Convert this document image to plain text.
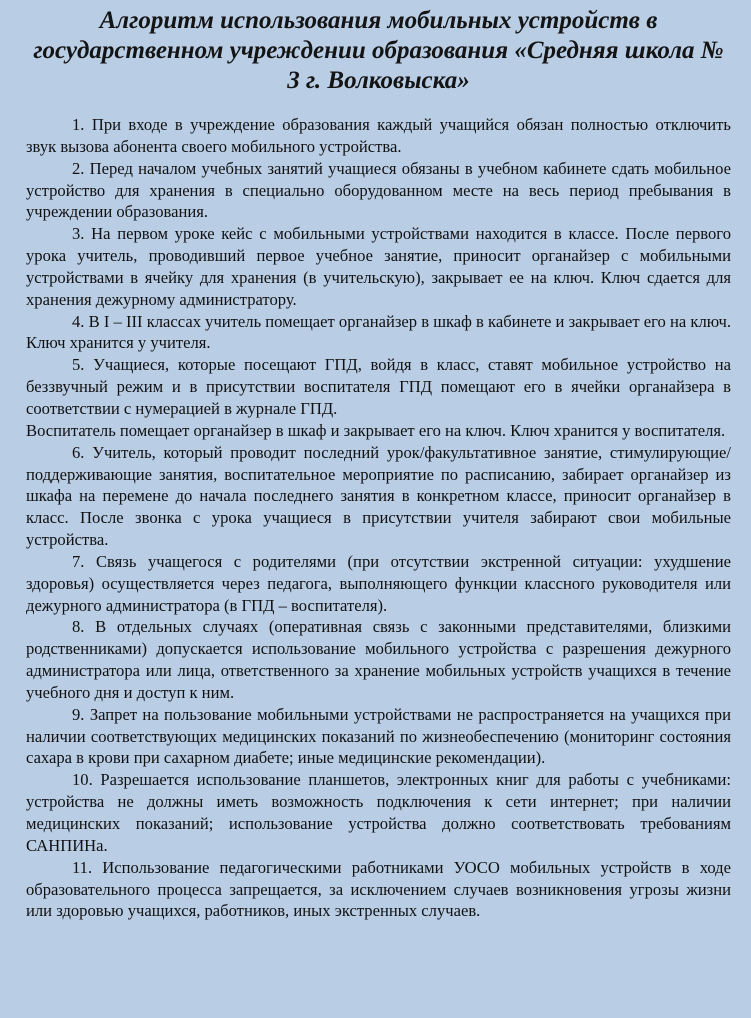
Алгоритм использования мобильных устройств в государственном учреждении образования «Средняя школа № 3 г. Волковыска»

1. При входе в учреждение образования каждый учащийся обязан полностью отключить звук вызова абонента своего мобильного устройства.

2. Перед началом учебных занятий учащиеся обязаны в учебном кабинете сдать мобильное устройство для хранения в специально оборудованном месте на весь период пребывания в учреждении образования.

3. На первом уроке кейс с мобильными устройствами находится в классе. После первого урока учитель, проводивший первое учебное занятие, приносит органайзер с мобильными устройствами в ячейку для хранения (в учительскую), закрывает ее на ключ. Ключ сдается для хранения дежурному администратору.

4. В I – III классах учитель помещает органайзер в шкаф в кабинете и закрывает его на ключ. Ключ хранится у учителя.

5. Учащиеся, которые посещают ГПД, войдя в класс, ставят мобильное устройство на беззвучный режим и в присутствии воспитателя ГПД помещают его в ячейки органайзера в соответствии с нумерацией в журнале ГПД.

Воспитатель помещает органайзер в шкаф и закрывает его на ключ. Ключ хранится у воспитателя.

6. Учитель, который проводит последний урок/факультативное занятие, стимулирующие/поддерживающие занятия, воспитательное мероприятие по расписанию, забирает органайзер из шкафа на перемене до начала последнего занятия в конкретном классе, приносит органайзер в класс. После звонка с урока учащиеся в присутствии учителя забирают свои мобильные устройства.

7. Связь учащегося с родителями (при отсутствии экстренной ситуации: ухудшение здоровья) осуществляется через педагога, выполняющего функции классного руководителя или дежурного администратора (в ГПД – воспитателя).

8. В отдельных случаях (оперативная связь с законными представителями, близкими родственниками) допускается использование мобильного устройства с разрешения дежурного администратора или лица, ответственного за хранение мобильных устройств учащихся в течение учебного дня и доступ к ним.

9. Запрет на пользование мобильными устройствами не распространяется на учащихся при наличии соответствующих медицинских показаний по жизнеобеспечению (мониторинг состояния сахара в крови при сахарном диабете; иные медицинские рекомендации).

10. Разрешается использование планшетов, электронных книг для работы с учебниками: устройства не должны иметь возможность подключения к сети интернет; при наличии медицинских показаний; использование устройства должно соответствовать требованиям САНПИНа.

11. Использование педагогическими работниками УОСО мобильных устройств в ходе образовательного процесса запрещается, за исключением случаев возникновения угрозы жизни или здоровью учащихся, работников, иных экстренных случаев.
